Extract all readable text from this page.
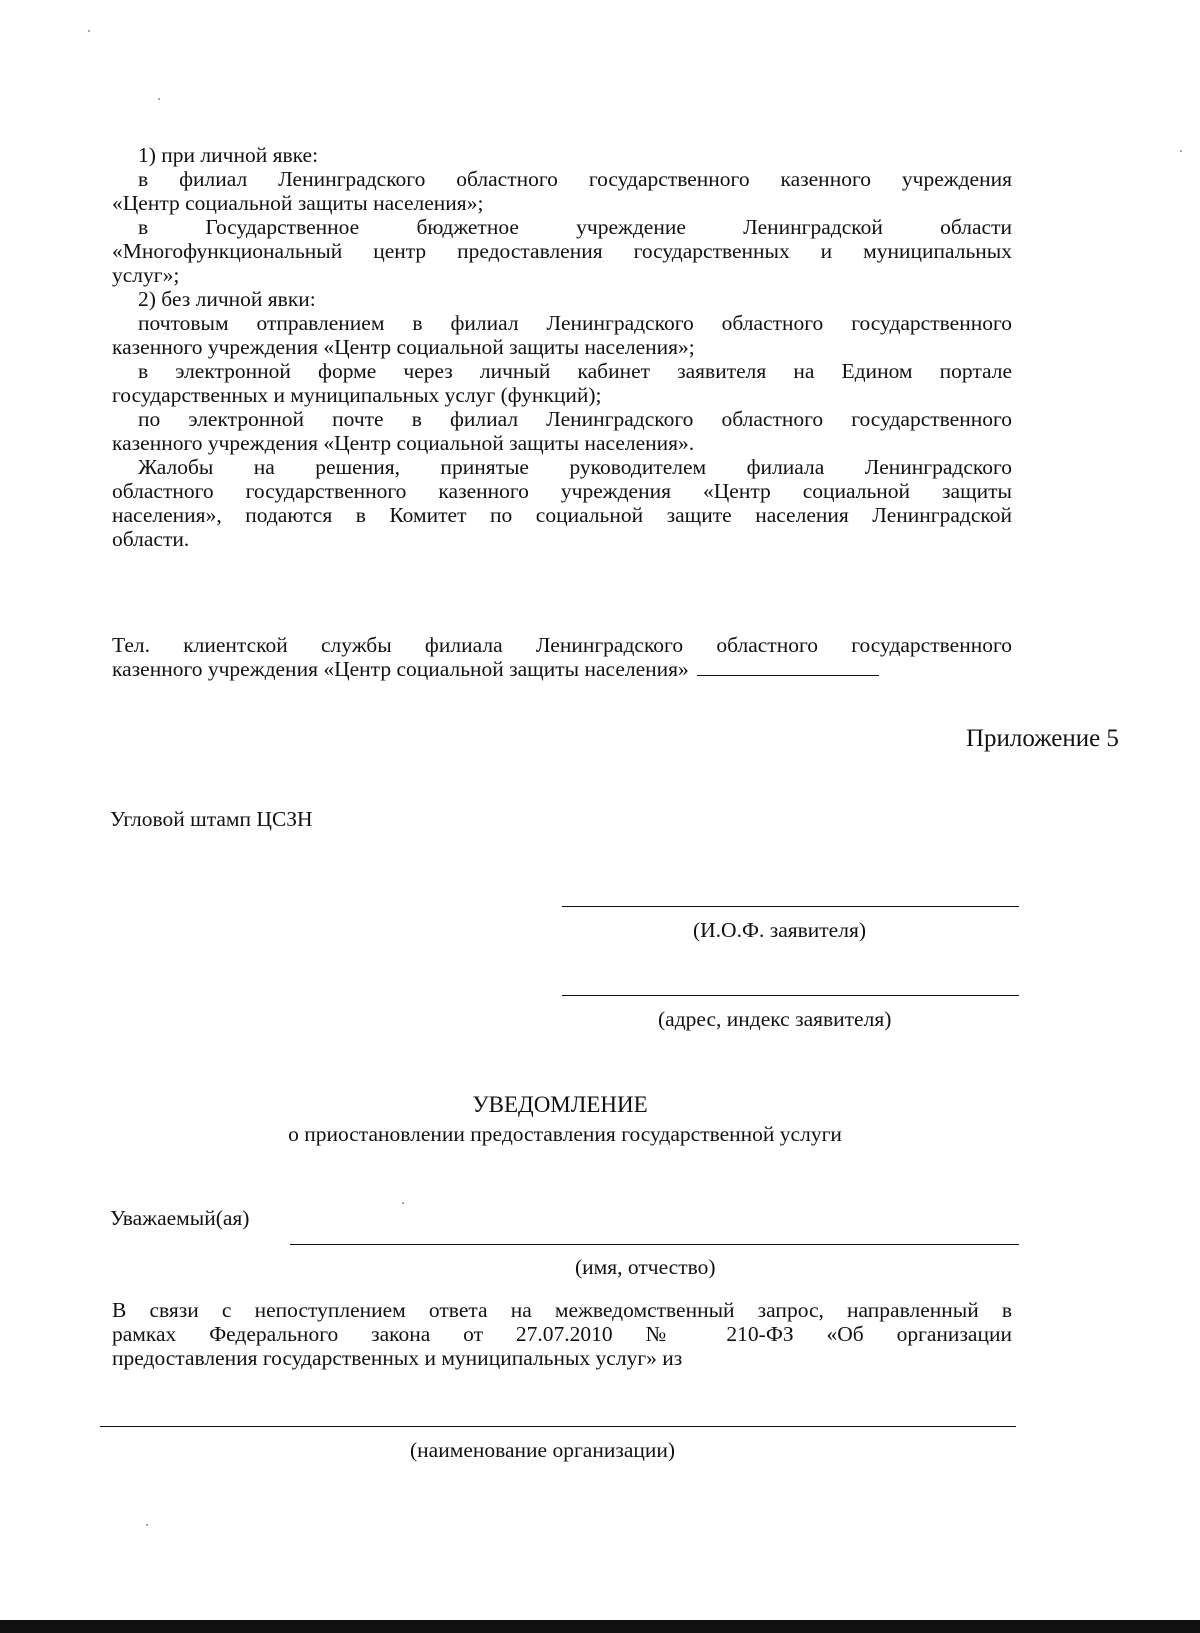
1) при личной явке:
в филиал Ленинградского областного государственного казенного учреждения
«Центр социальной защиты населения»;
в Государственное бюджетное учреждение Ленинградской области
«Многофункциональный центр предоставления государственных и муниципальных
услуг»;
2) без личной явки:
почтовым отправлением в филиал Ленинградского областного государственного
казенного учреждения «Центр социальной защиты населения»;
в электронной форме через личный кабинет заявителя на Едином портале
государственных и муниципальных услуг (функций);
по электронной почте в филиал Ленинградского областного государственного
казенного учреждения «Центр социальной защиты населения».
Жалобы на решения, принятые руководителем филиала Ленинградского
областного государственного казенного учреждения «Центр социальной защиты
населения», подаются в Комитет по социальной защите населения Ленинградской
области.
Тел. клиентской службы филиала Ленинградского областного государственного
казенного учреждения «Центр социальной защиты населения»
Приложение 5
Угловой штамп ЦСЗН
(И.О.Ф. заявителя)
(адрес, индекс заявителя)
УВЕДОМЛЕНИЕ
о приостановлении предоставления государственной услуги
Уважаемый(ая)
(имя, отчество)
В связи с непоступлением ответа на межведомственный запрос, направленный в
рамках Федерального закона от 27.07.2010 № 210-ФЗ «Об организации
предоставления государственных и муниципальных услуг» из
(наименование организации)
